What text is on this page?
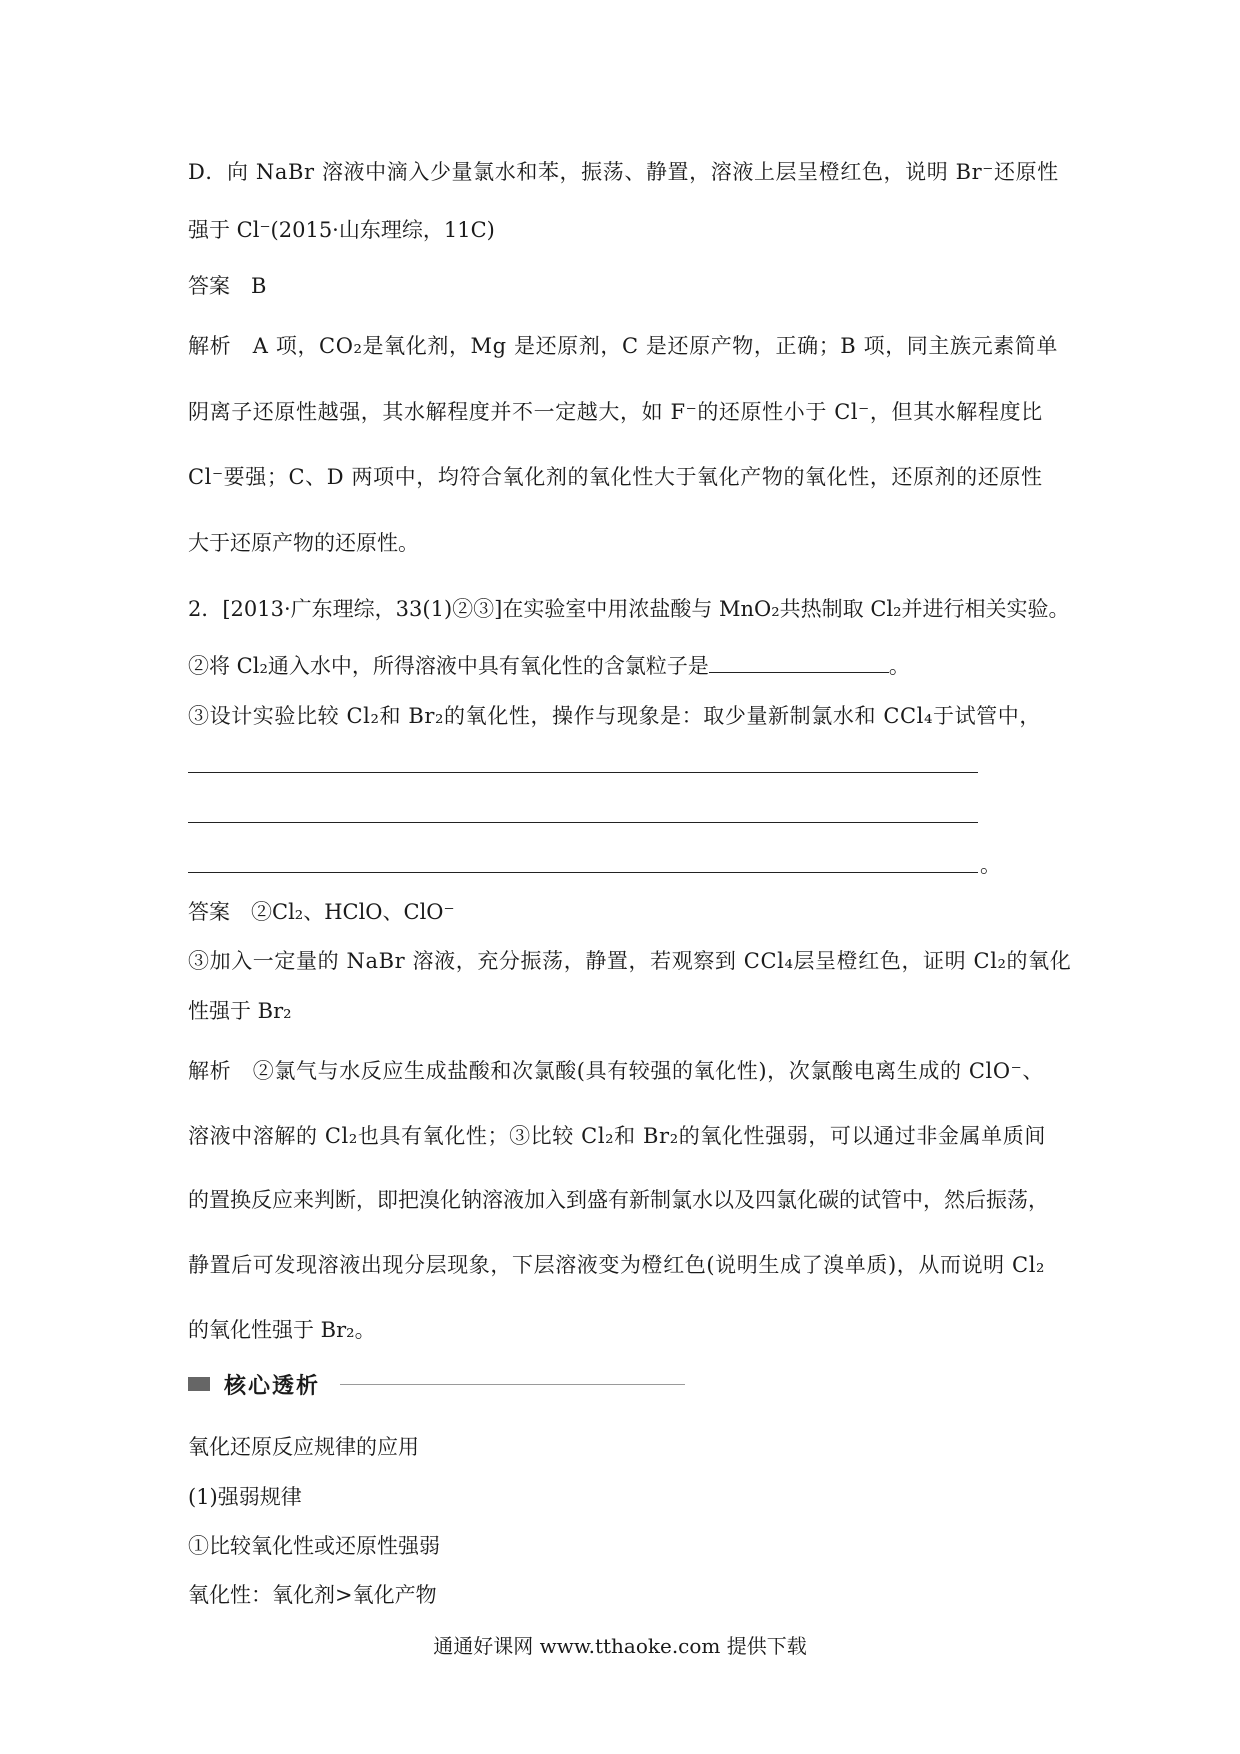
D．向 NaBr 溶液中滴入少量氯水和苯，振荡、静置，溶液上层呈橙红色，说明 Br⁻还原性
强于 Cl⁻(2015·山东理综，11C)
答案　B
解析　A 项，CO₂是氧化剂，Mg 是还原剂，C 是还原产物，正确；B 项，同主族元素简单
阴离子还原性越强，其水解程度并不一定越大，如 F⁻的还原性小于 Cl⁻，但其水解程度比
Cl⁻要强；C、D 两项中，均符合氧化剂的氧化性大于氧化产物的氧化性，还原剂的还原性
大于还原产物的还原性。
2．[2013·广东理综，33(1)②③]在实验室中用浓盐酸与 MnO₂共热制取 Cl₂并进行相关实验。
②将 Cl₂通入水中，所得溶液中具有氧化性的含氯粒子是	。
③设计实验比较 Cl₂和 Br₂的氧化性，操作与现象是：取少量新制氯水和 CCl₄于试管中，
。
答案　②Cl₂、HClO、ClO⁻
③加入一定量的 NaBr 溶液，充分振荡，静置，若观察到 CCl₄层呈橙红色，证明 Cl₂的氧化
性强于 Br₂
解析　②氯气与水反应生成盐酸和次氯酸(具有较强的氧化性)，次氯酸电离生成的 ClO⁻、
溶液中溶解的 Cl₂也具有氧化性；③比较 Cl₂和 Br₂的氧化性强弱，可以通过非金属单质间
的置换反应来判断，即把溴化钠溶液加入到盛有新制氯水以及四氯化碳的试管中，然后振荡，
静置后可发现溶液出现分层现象，下层溶液变为橙红色(说明生成了溴单质)，从而说明 Cl₂
的氧化性强于 Br₂。
核心透析
氧化还原反应规律的应用
(1)强弱规律
①比较氧化性或还原性强弱
氧化性：氧化剂>氧化产物
通通好课网 www.tthaoke.com 提供下载
